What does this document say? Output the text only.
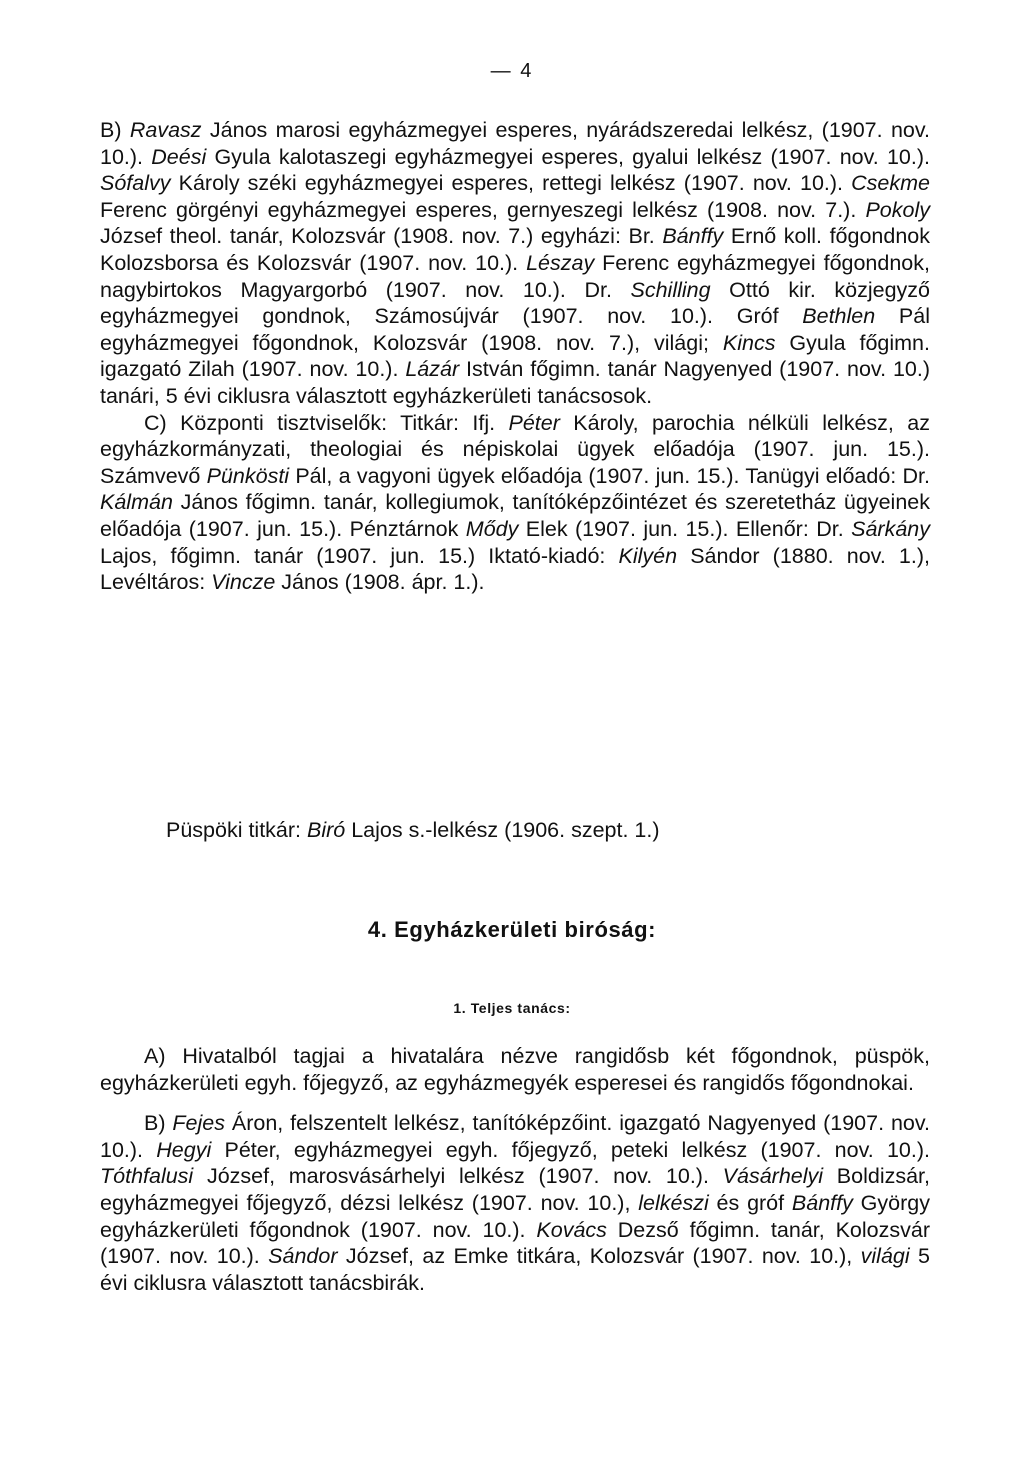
— 4

B) Ravasz János marosi egyházmegyei esperes, nyárádszeredai lelkész, (1907. nov. 10.). Deési Gyula kalotaszegi egyházmegyei esperes, gyalui lelkész (1907. nov. 10.). Sófalvy Károly széki egyházmegyei esperes, rettegi lelkész (1907. nov. 10.). Csekme Ferenc görgényi egyházmegyei esperes, gernyeszegi lelkész (1908. nov. 7.). Pokoly József theol. tanár, Kolozsvár (1908. nov. 7.) egyházi: Br. Bánffy Ernő koll. főgondnok Kolozsborsa és Kolozsvár (1907. nov. 10.). Lészay Ferenc egyházmegyei főgondnok, nagybirtokos Magyargorbó (1907. nov. 10.). Dr. Schilling Ottó kir. közjegyző egyházmegyei gondnok, Számosújvár (1907. nov. 10.). Gróf Bethlen Pál egyházmegyei főgondnok, Kolozsvár (1908. nov. 7.), világi; Kincs Gyula főgimn. igazgató Zilah (1907. nov. 10.). Lázár István főgimn. tanár Nagyenyed (1907. nov. 10.) tanári, 5 évi ciklusra választott egyházkerületi tanácsosok.

C) Központi tisztviselők: Titkár: Ifj. Péter Károly, parochia nélküli lelkész, az egyházkormányzati, theologiai és népiskolai ügyek előadója (1907. jun. 15.). Számvevő Pünkösti Pál, a vagyoni ügyek előadója (1907. jun. 15.). Tanügyi előadó: Dr. Kálmán János főgimn. tanár, kollegiumok, tanítóképzőintézet és szeretetház ügyeinek előadója (1907. jun. 15.). Pénztárnok Mődy Elek (1907. jun. 15.). Ellenőr: Dr. Sárkány Lajos, főgimn. tanár (1907. jun. 15.) Iktató-kiadó: Kilyén Sándor (1880. nov. 1.), Levéltáros: Vincze János (1908. ápr. 1.).

Püspöki titkár: Biró Lajos s.-lelkész (1906. szept. 1.)
4. Egyházkerületi biróság:
1. Teljes tanács:

A) Hivatalból tagjai a hivatalára nézve rangidősb két főgondnok, püspök, egyházkerületi egyh. főjegyző, az egyházmegyék esperesei és rangidős főgondnokai.

B) Fejes Áron, felszentelt lelkész, tanítóképzőint. igazgató Nagyenyed (1907. nov. 10.). Hegyi Péter, egyházmegyei egyh. főjegyző, peteki lelkész (1907. nov. 10.). Tóthfalusi József, marosvásárhelyi lelkész (1907. nov. 10.). Vásárhelyi Boldizsár, egyházmegyei főjegyző, dézsi lelkész (1907. nov. 10.), lelkészi és gróf Bánffy György egyházkerületi főgondnok (1907. nov. 10.). Kovács Dezső főgimn. tanár, Kolozsvár (1907. nov. 10.). Sándor József, az Emke titkára, Kolozsvár (1907. nov. 10.), világi 5 évi ciklusra választott tanácsbirák.
